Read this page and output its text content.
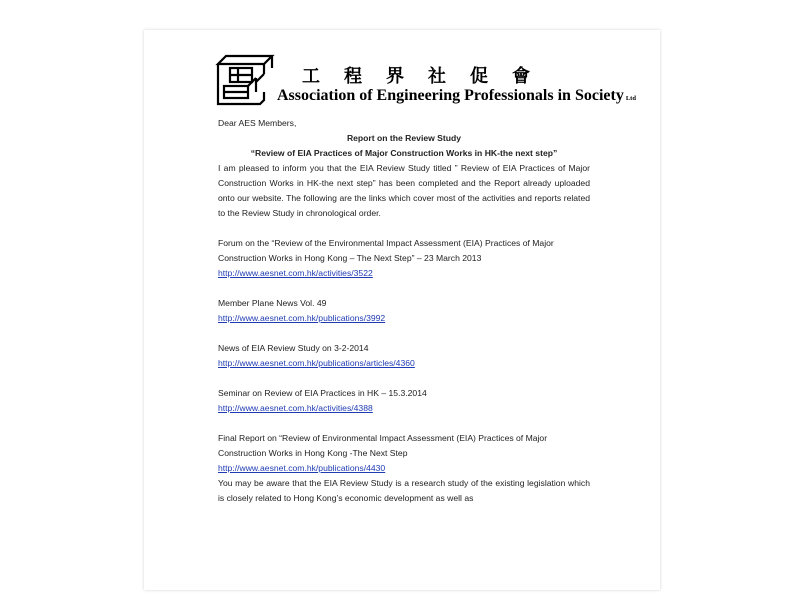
工程界社促會
Association of Engineering Professionals in Society Ltd

Dear AES Members,

Report on the Review Study
“Review of EIA Practices of Major Construction Works in HK-the next step”

I am pleased to inform you that the EIA Review Study titled ” Review of EIA Practices of Major Construction Works in HK-the next step” has been completed and the Report already uploaded onto our website. The following are the links which cover most of the activities and reports related to the Review Study in chronological order.

Forum on the “Review of the Environmental Impact Assessment (EIA) Practices of Major Construction Works in Hong Kong – The Next Step” – 23 March 2013
http://www.aesnet.com.hk/activities/3522
Member Plane News Vol. 49
http://www.aesnet.com.hk/publications/3992
News of EIA Review Study on 3-2-2014
http://www.aesnet.com.hk/publications/articles/4360
Seminar on Review of EIA Practices in HK – 15.3.2014
http://www.aesnet.com.hk/activities/4388
Final Report on “Review of Environmental Impact Assessment (EIA) Practices of Major Construction Works in Hong Kong -The Next Step
http://www.aesnet.com.hk/publications/4430

You may be aware that the EIA Review Study is a research study of the existing legislation which is closely related to Hong Kong’s economic development as well as
